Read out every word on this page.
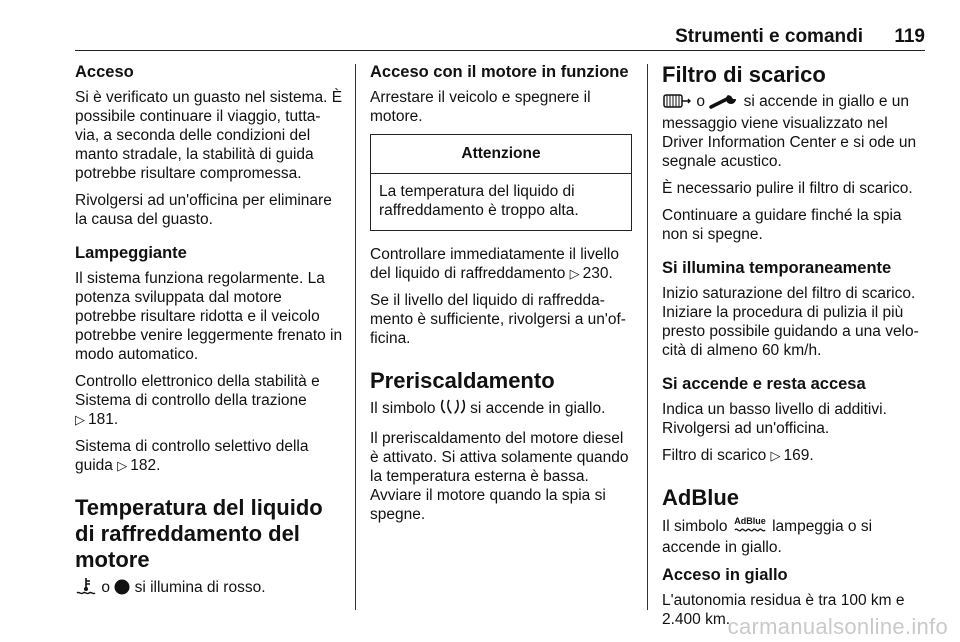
Strumenti e comandi 119
Acceso

Si è verificato un guasto nel sistema. È possibile continuare il viaggio, tutta-via, a seconda delle condizioni del manto stradale, la stabilità di guida potrebbe risultare compromessa.

Rivolgersi ad un'officina per eliminare la causa del guasto.

Lampeggiante

Il sistema funziona regolarmente. La potenza sviluppata dal motore potrebbe risultare ridotta e il veicolo potrebbe venire leggermente frenato in modo automatico.

Controllo elettronico della stabilità e Sistema di controllo della trazione
▷ 181.

Sistema di controllo selettivo della guida ▷ 182.

Temperatura del liquido di raffreddamento del motore

o si illumina di rosso.

Acceso con il motore in funzione

Arrestare il veicolo e spegnere il motore.

Attenzione
La temperatura del liquido di raffreddamento è troppo alta.

Controllare immediatamente il livello del liquido di raffreddamento ▷ 230.

Se il livello del liquido di raffredda-mento è sufficiente, rivolgersi a un'of-ficina.

Preriscaldamento

Il simbolo si accende in giallo.

Il preriscaldamento del motore diesel è attivato. Si attiva solamente quando la temperatura esterna è bassa. Avviare il motore quando la spia si spegne.

Filtro di scarico

o si accende in giallo e un messaggio viene visualizzato nel Driver Information Center e si ode un segnale acustico.

È necessario pulire il filtro di scarico.

Continuare a guidare finché la spia non si spegne.

Si illumina temporaneamente

Inizio saturazione del filtro di scarico. Iniziare la procedura di pulizia il più presto possibile guidando a una velo-cità di almeno 60 km/h.

Si accende e resta accesa

Indica un basso livello di additivi. Rivolgersi ad un'officina.

Filtro di scarico ▷ 169.

AdBlue

Il simbolo AdBlue lampeggia o si accende in giallo.

Acceso in giallo

L'autonomia residua è tra 100 km e 2.400 km.

carmanualsonline.info
